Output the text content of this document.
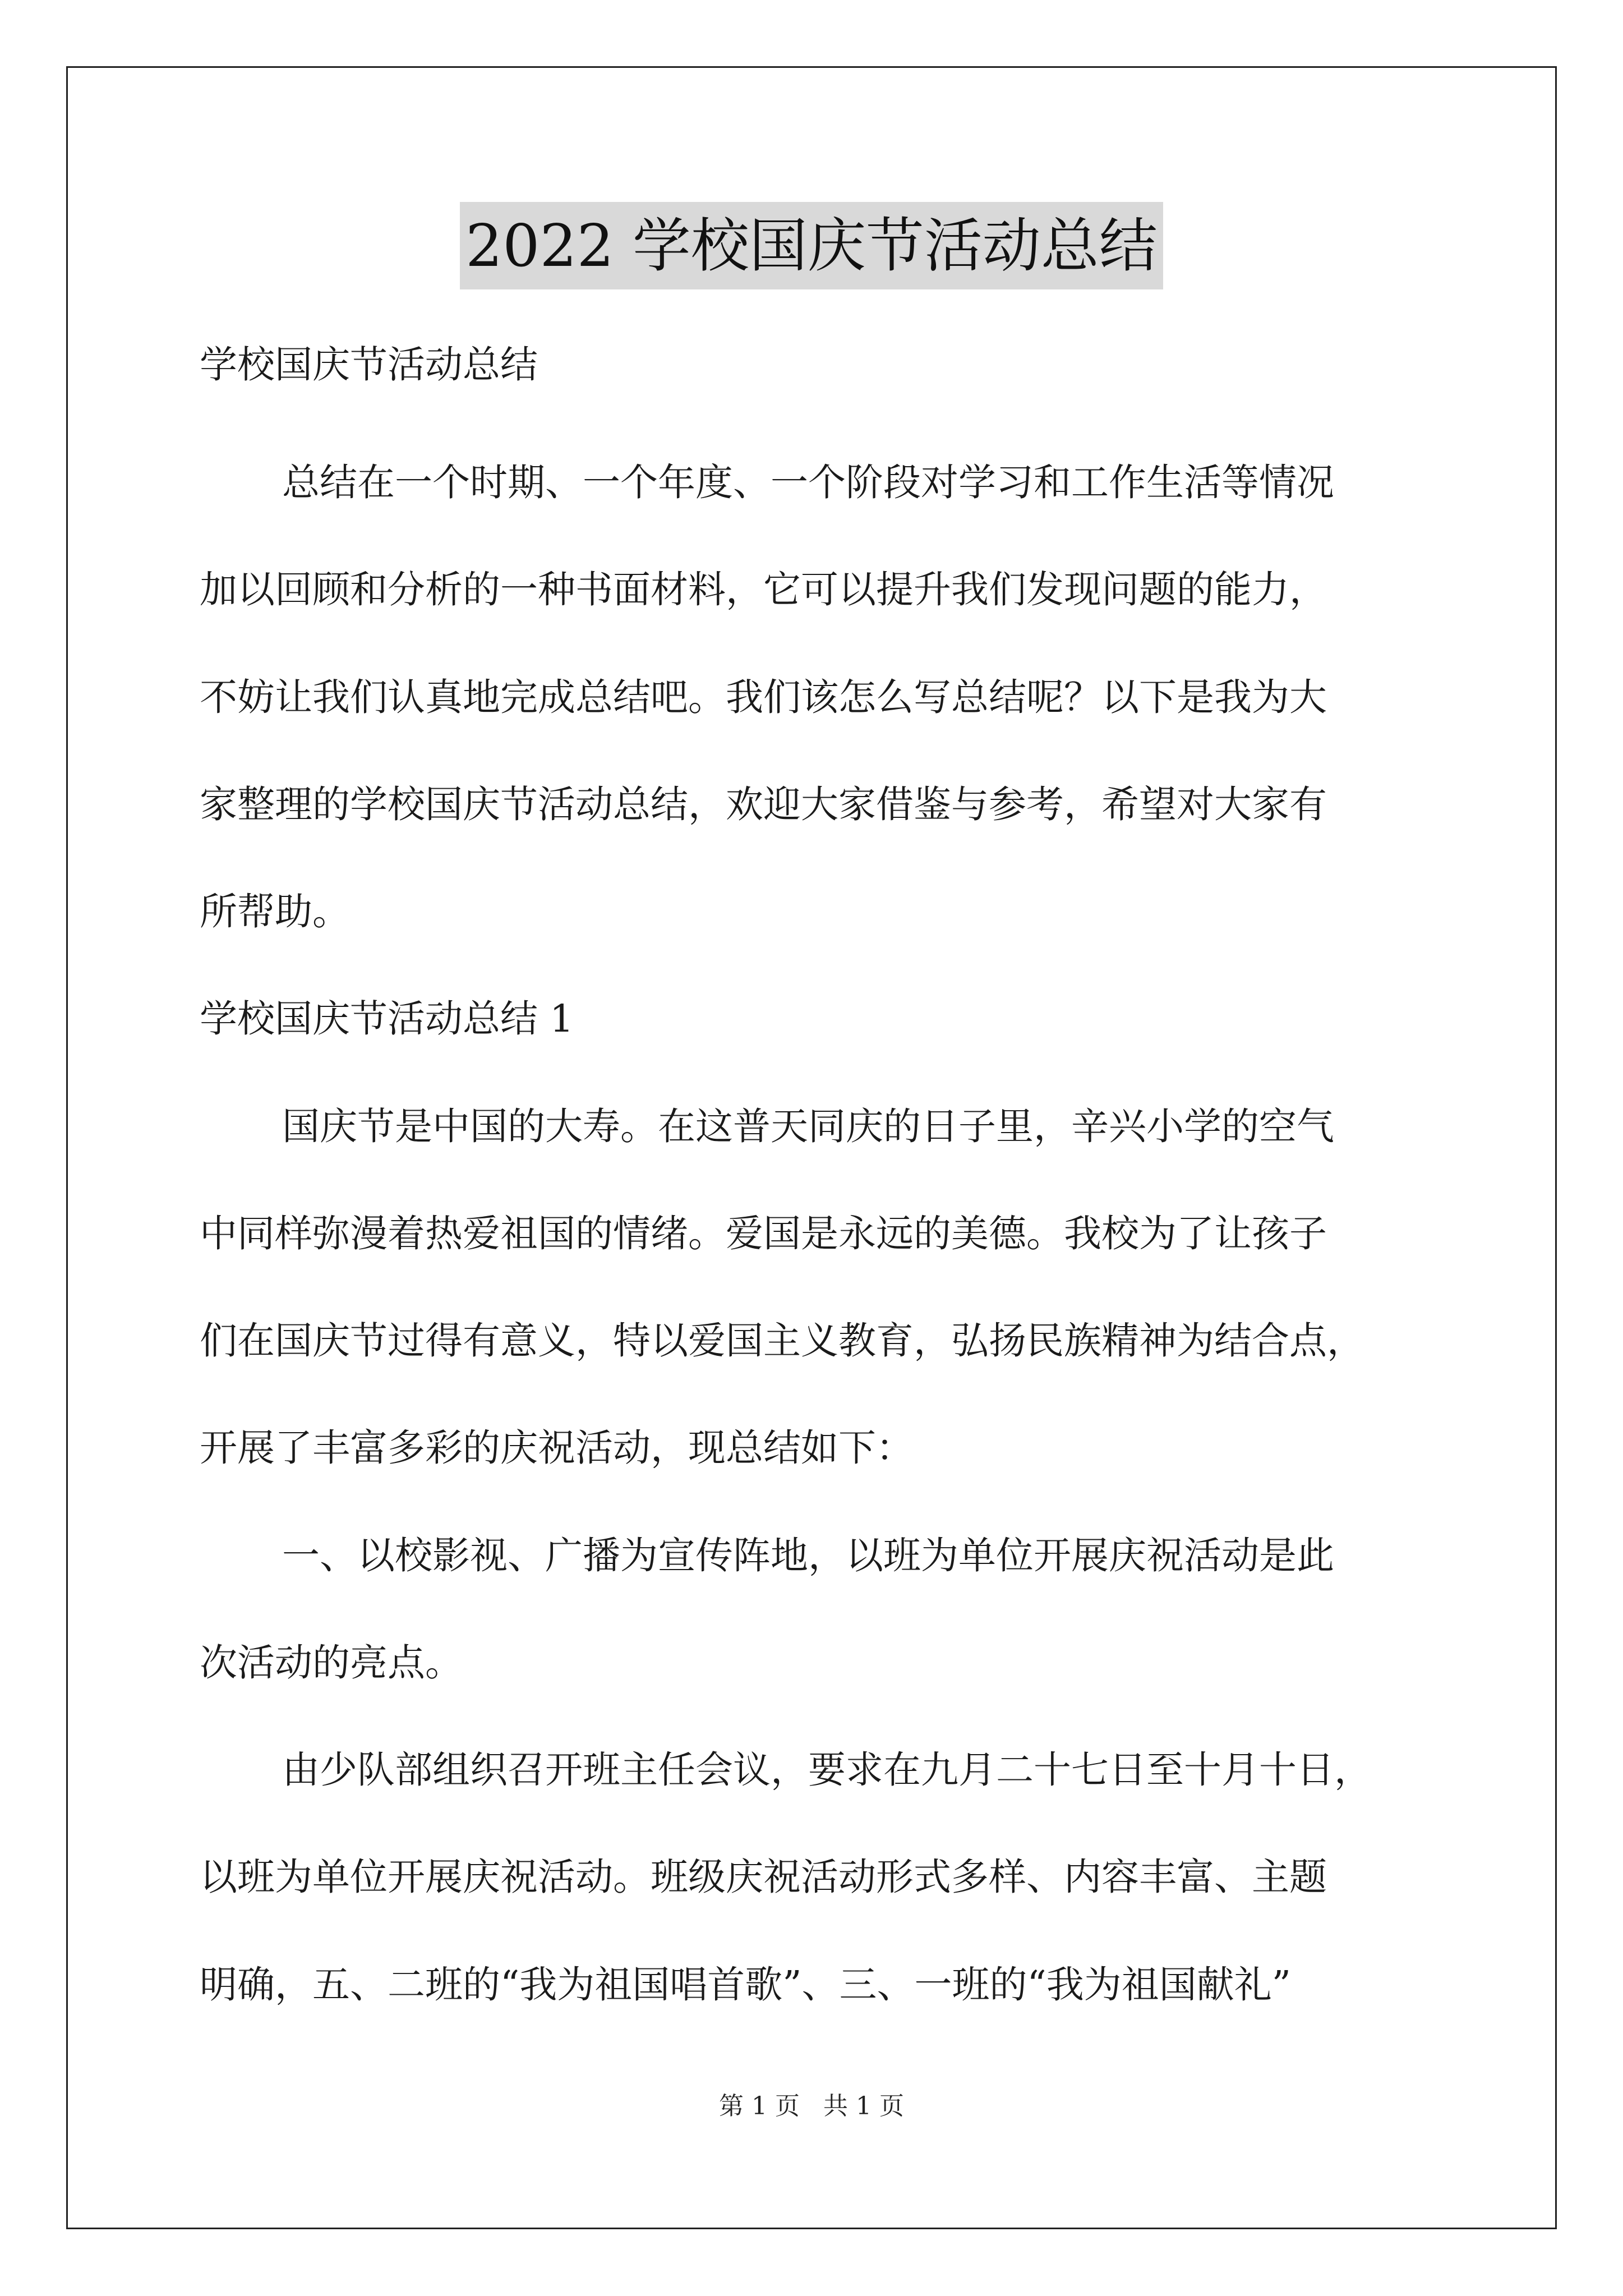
2022 学校国庆节活动总结
学校国庆节活动总结
总结在一个时期、一个年度、一个阶段对学习和工作生活等情况
加以回顾和分析的一种书面材料，它可以提升我们发现问题的能力，
不妨让我们认真地完成总结吧。我们该怎么写总结呢？以下是我为大
家整理的学校国庆节活动总结，欢迎大家借鉴与参考，希望对大家有
所帮助。
学校国庆节活动总结 1
国庆节是中国的大寿。在这普天同庆的日子里，辛兴小学的空气
中同样弥漫着热爱祖国的情绪。爱国是永远的美德。我校为了让孩子
们在国庆节过得有意义，特以爱国主义教育，弘扬民族精神为结合点，
开展了丰富多彩的庆祝活动，现总结如下：
一、以校影视、广播为宣传阵地，以班为单位开展庆祝活动是此
次活动的亮点。
由少队部组织召开班主任会议，要求在九月二十七日至十月十日，
以班为单位开展庆祝活动。班级庆祝活动形式多样、内容丰富、主题
明确，五、二班的“我为祖国唱首歌”、三、一班的“我为祖国献礼”
第 1 页 共 1 页
